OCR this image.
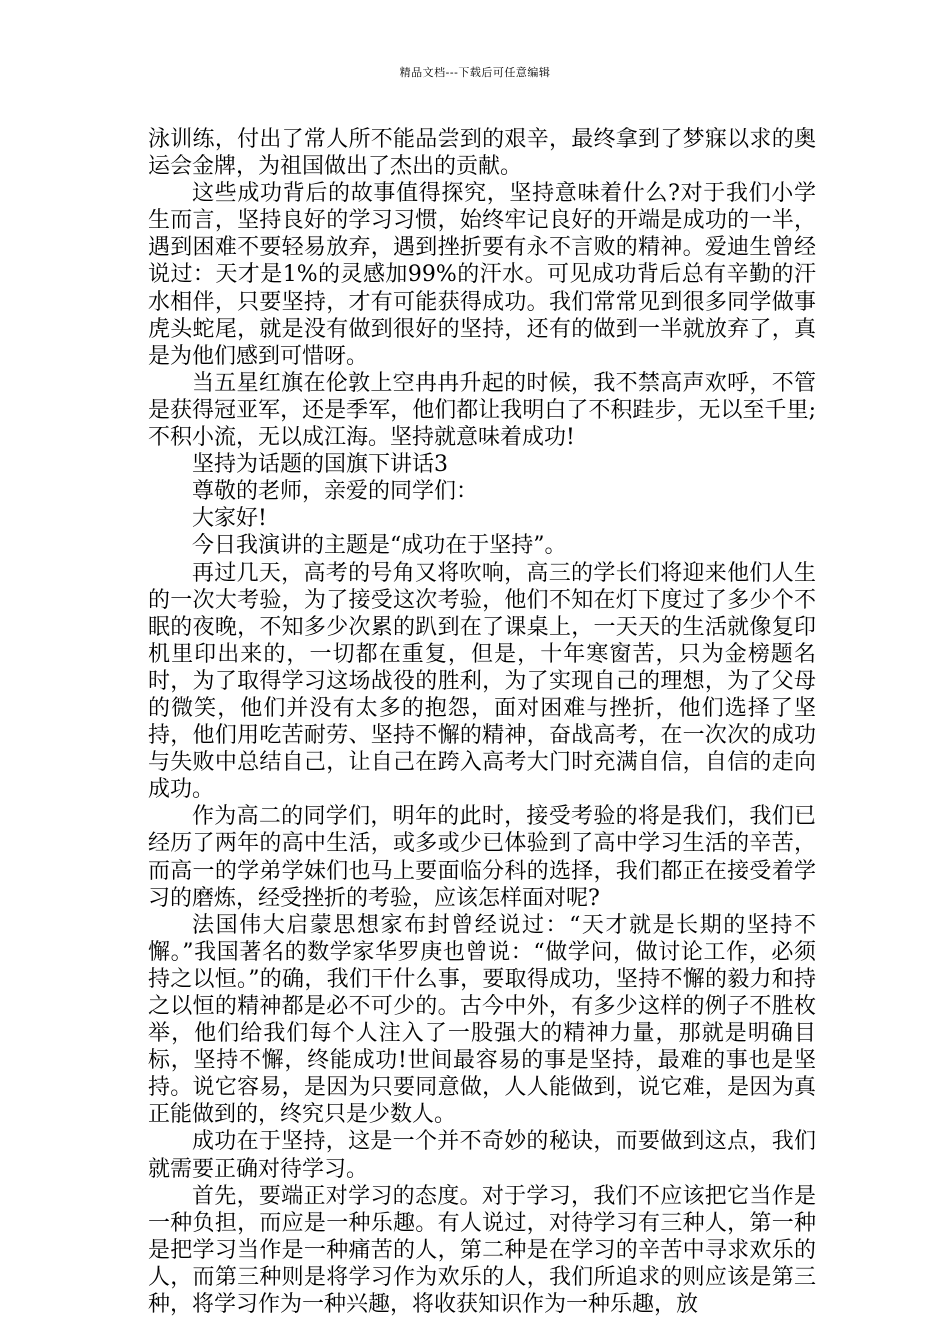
精品文档---下载后可任意编辑

泳训练，付出了常人所不能品尝到的艰辛，最终拿到了梦寐以求的奥运会金牌，为祖国做出了杰出的贡献。

这些成功背后的故事值得探究，坚持意味着什么?对于我们小学生而言，坚持良好的学习习惯，始终牢记良好的开端是成功的一半，遇到困难不要轻易放弃，遇到挫折要有永不言败的精神。爱迪生曾经说过：天才是1%的灵感加99%的汗水。可见成功背后总有辛勤的汗水相伴，只要坚持，才有可能获得成功。我们常常见到很多同学做事虎头蛇尾，就是没有做到很好的坚持，还有的做到一半就放弃了，真是为他们感到可惜呀。

当五星红旗在伦敦上空冉冉升起的时候，我不禁高声欢呼，不管是获得冠亚军，还是季军，他们都让我明白了不积跬步，无以至千里;不积小流，无以成江海。坚持就意味着成功!

坚持为话题的国旗下讲话3

尊敬的老师，亲爱的同学们：

大家好!

今日我演讲的主题是“成功在于坚持”。

再过几天，高考的号角又将吹响，高三的学长们将迎来他们人生的一次大考验，为了接受这次考验，他们不知在灯下度过了多少个不眠的夜晚，不知多少次累的趴到在了课桌上，一天天的生活就像复印机里印出来的，一切都在重复，但是，十年寒窗苦，只为金榜题名时，为了取得学习这场战役的胜利，为了实现自己的理想，为了父母的微笑，他们并没有太多的抱怨，面对困难与挫折，他们选择了坚持，他们用吃苦耐劳、坚持不懈的精神，奋战高考，在一次次的成功与失败中总结自己，让自己在跨入高考大门时充满自信，自信的走向成功。

作为高二的同学们，明年的此时，接受考验的将是我们，我们已经历了两年的高中生活，或多或少已体验到了高中学习生活的辛苦，而高一的学弟学妹们也马上要面临分科的选择，我们都正在接受着学习的磨炼，经受挫折的考验，应该怎样面对呢?

法国伟大启蒙思想家布封曾经说过：“天才就是长期的坚持不懈。”我国著名的数学家华罗庚也曾说：“做学问，做讨论工作，必须持之以恒。”的确，我们干什么事，要取得成功，坚持不懈的毅力和持之以恒的精神都是必不可少的。古今中外，有多少这样的例子不胜枚举，他们给我们每个人注入了一股强大的精神力量，那就是明确目标，坚持不懈，终能成功!世间最容易的事是坚持，最难的事也是坚持。说它容易，是因为只要同意做，人人能做到，说它难，是因为真正能做到的，终究只是少数人。

成功在于坚持，这是一个并不奇妙的秘诀，而要做到这点，我们就需要正确对待学习。

首先，要端正对学习的态度。对于学习，我们不应该把它当作是一种负担，而应是一种乐趣。有人说过，对待学习有三种人，第一种是把学习当作是一种痛苦的人，第二种是在学习的辛苦中寻求欢乐的人，而第三种则是将学习作为欢乐的人，我们所追求的则应该是第三种，将学习作为一种兴趣，将收获知识作为一种乐趣，放
